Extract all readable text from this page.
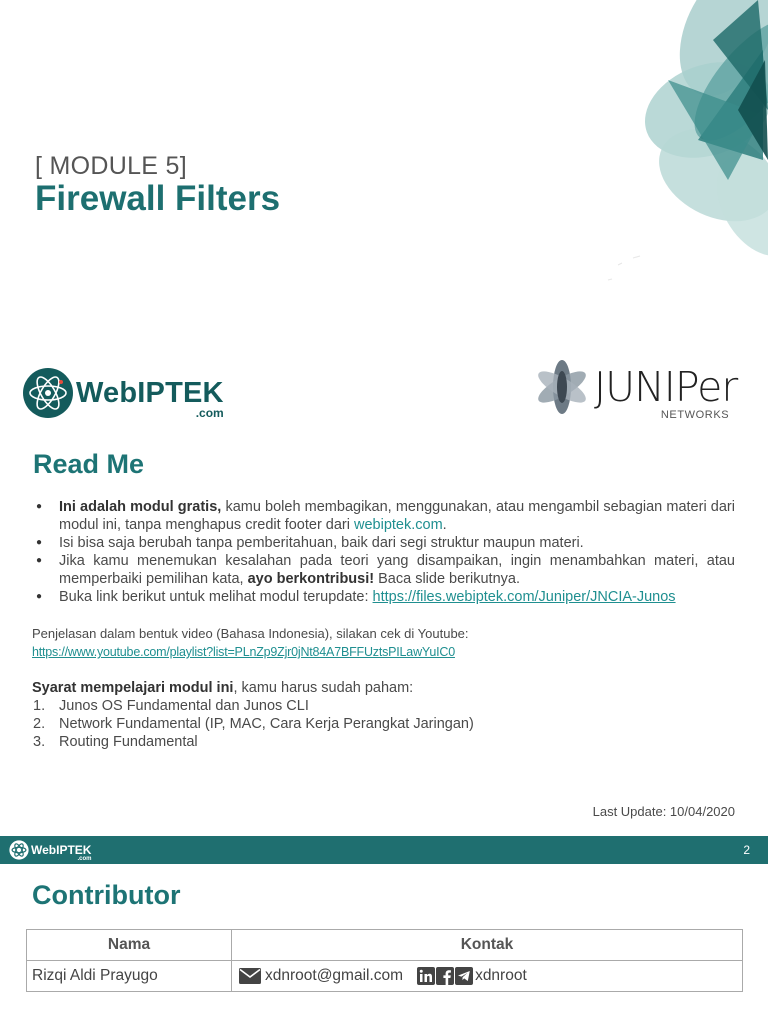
[ MODULE 5]
Firewall Filters
WebIPTEK
.com
JUNIPer
NETWORKS
Read Me
● Ini adalah modul gratis, kamu boleh membagikan, menggunakan, atau mengambil sebagian materi dari modul ini, tanpa menghapus credit footer dari webiptek.com.
● Isi bisa saja berubah tanpa pemberitahuan, baik dari segi struktur maupun materi.
● Jika kamu menemukan kesalahan pada teori yang disampaikan, ingin menambahkan materi, atau memperbaiki pemilihan kata, ayo berkontribusi! Baca slide berikutnya.
● Buka link berikut untuk melihat modul terupdate: https://files.webiptek.com/Juniper/JNCIA-Junos
Penjelasan dalam bentuk video (Bahasa Indonesia), silakan cek di Youtube:
https://www.youtube.com/playlist?list=PLnZp9Zjr0jNt84A7BFFUztsPILawYuIC0
Syarat mempelajari modul ini, kamu harus sudah paham:
1. Junos OS Fundamental dan Junos CLI
2. Network Fundamental (IP, MAC, Cara Kerja Perangkat Jaringan)
3. Routing Fundamental
Last Update: 10/04/2020
WebIPTEK
.com
2
Contributor
Nama	Kontak
Rizqi Aldi Prayugo	xdnroot@gmail.com xdnroot
